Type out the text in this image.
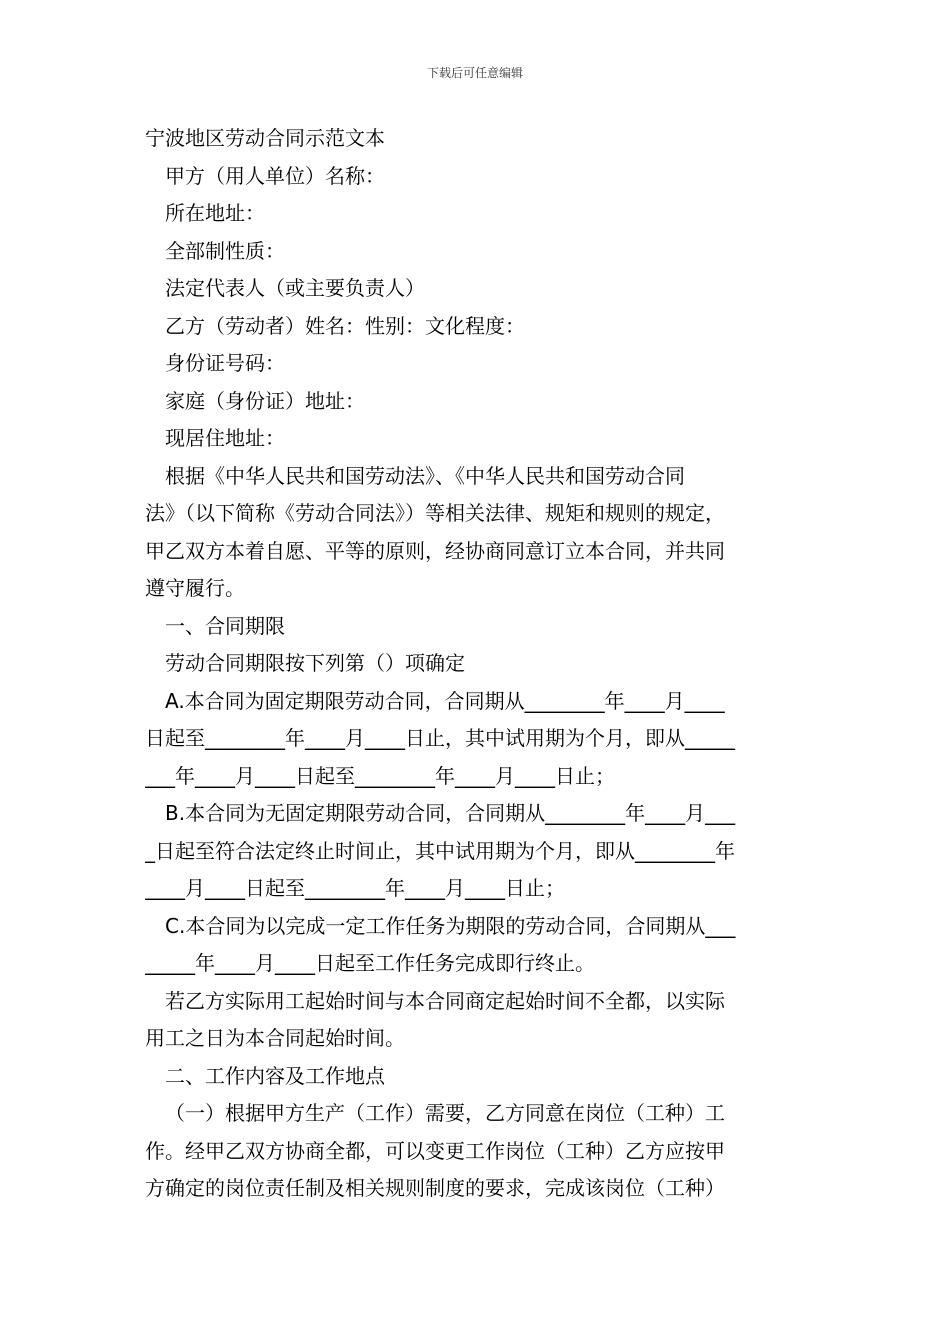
下载后可任意编辑
宁波地区劳动合同示范文本
甲方（用人单位）名称：
所在地址：
全部制性质：
法定代表人（或主要负责人）
乙方（劳动者）姓名：性别：文化程度：
身份证号码：
家庭（身份证）地址：
现居住地址：
根据《中华人民共和国劳动法》、《中华人民共和国劳动合同
法》（以下简称《劳动合同法》）等相关法律、规矩和规则的规定，
甲乙双方本着自愿、平等的原则，经协商同意订立本合同，并共同
遵守履行。
一、合同期限
劳动合同期限按下列第（）项确定
A.本合同为固定期限劳动合同，合同期从________年____月____
日起至________年____月____日止，其中试用期为个月，即从_____
___年____月____日起至________年____月____日止；
B.本合同为无固定期限劳动合同，合同期从________年____月___
_日起至符合法定终止时间止，其中试用期为个月，即从________年
____月____日起至________年____月____日止；
C.本合同为以完成一定工作任务为期限的劳动合同，合同期从___
_____年____月____日起至工作任务完成即行终止。
若乙方实际用工起始时间与本合同商定起始时间不全都，以实际
用工之日为本合同起始时间。
二、工作内容及工作地点
（一）根据甲方生产（工作）需要，乙方同意在岗位（工种）工
作。经甲乙双方协商全都，可以变更工作岗位（工种）乙方应按甲
方确定的岗位责任制及相关规则制度的要求，完成该岗位（工种）
